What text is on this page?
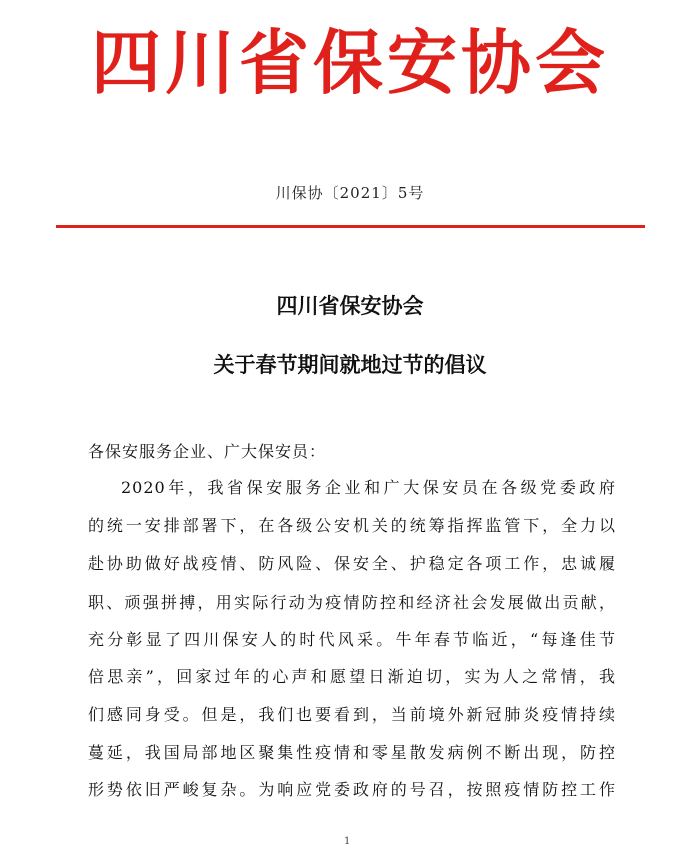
四川省保安协会
川保协〔2021〕5号
四川省保安协会
关于春节期间就地过节的倡议
各保安服务企业、广大保安员：
2020年，我省保安服务企业和广大保安员在各级党委政府
的统一安排部署下，在各级公安机关的统筹指挥监管下，全力以
赴协助做好战疫情、防风险、保安全、护稳定各项工作，忠诚履
职、顽强拼搏，用实际行动为疫情防控和经济社会发展做出贡献，
充分彰显了四川保安人的时代风采。牛年春节临近，“每逢佳节
倍思亲”，回家过年的心声和愿望日渐迫切，实为人之常情，我
们感同身受。但是，我们也要看到，当前境外新冠肺炎疫情持续
蔓延，我国局部地区聚集性疫情和零星散发病例不断出现，防控
形势依旧严峻复杂。为响应党委政府的号召，按照疫情防控工作
1
